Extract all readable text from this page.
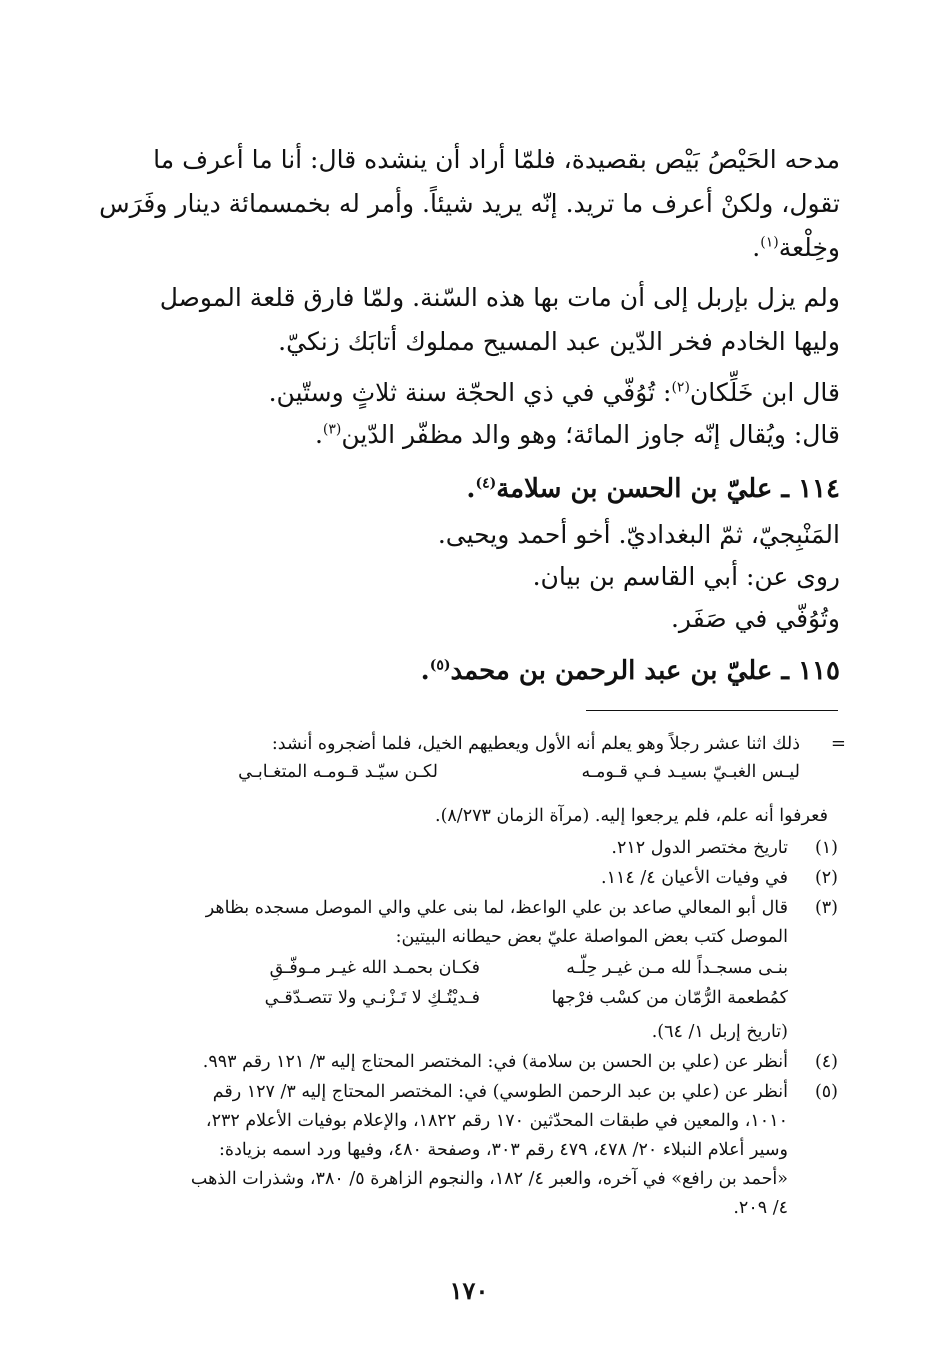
مدحه الحَيْصُ بَيْص بقصيدة، فلمّا أراد أن ينشده قال: أنا ما أعرف ما
تقول، ولكنْ أعرف ما تريد. إنّه يريد شيئاً. وأمر له بخمسمائة دينار وفَرَس
وخِلْعة$^{(١)}$.
ولم يزل بإربل إلى أن مات بها هذه السّنة. ولمّا فارق قلعة الموصل
وليها الخادم فخر الدّين عبد المسيح مملوك أتابَك زنكيّ.
قال ابن خَلِّكان$^{(٢)}$: تُوُفّي في ذي الحجّة سنة ثلاثٍ وستّين.
قال: ويُقال إنّه جاوز المائة؛ وهو والد مظفّر الدّين$^{(٣)}$.
١١٤ ـ عليّ بن الحسن بن سلامة$^{(٤)}$.
المَنْبِجيّ، ثمّ البغداديّ. أخو أحمد ويحيى.
روى عن: أبي القاسم بن بيان.
وتُوُفّي في صَفَر.
١١٥ ـ عليّ بن عبد الرحمن بن محمد$^{(٥)}$.
=
ذلك اثنا عشر رجلاً وهو يعلم أنه الأول ويعطيهم الخيل، فلما أضجروه أنشد:
ليـس الغبـيّ بسيـد فـي قـومـه
لكـن سيّـد قـومـه المتغـابـي
فعرفوا أنه علم، فلم يرجعوا إليه. (مرآة الزمان ٨/٢٧٣).
(١)
تاريخ مختصر الدول ٢١٢.
(٢)
في وفيات الأعيان ٤/ ١١٤.
(٣)
قال أبو المعالي صاعد بن علي الواعظ، لما بنى علي والي الموصل مسجده بظاهر
الموصل كتب بعض المواصلة عليّ بعض حيطانه البيتين:
بنـى مسجـداً لله مـن غيـر حِلّـه
فكـان بحمـد الله غيـر مـوفّـقِ
كمُطعمة الرُّمّان من كسْب فرْجها
فـديْتُـكِ لا تَـزْنـي ولا تتصـدّقـي
(تاريخ إربل ١/ ٦٤).
(٤)
أنظر عن (علي بن الحسن بن سلامة) في: المختصر المحتاج إليه ٣/ ١٢١ رقم ٩٩٣.
(٥)
أنظر عن (علي بن عبد الرحمن الطوسي) في: المختصر المحتاج إليه ٣/ ١٢٧ رقم
١٠١٠، والمعين في طبقات المحدّثين ١٧٠ رقم ١٨٢٢، والإعلام بوفيات الأعلام ٢٣٢،
وسير أعلام النبلاء ٢٠/ ٤٧٨، ٤٧٩ رقم ٣٠٣، وصفحة ٤٨٠، وفيها ورد اسمه بزيادة:
«أحمد بن رافع» في آخره، والعبر ٤/ ١٨٢، والنجوم الزاهرة ٥/ ٣٨٠، وشذرات الذهب
٤/ ٢٠٩.
١٧٠
